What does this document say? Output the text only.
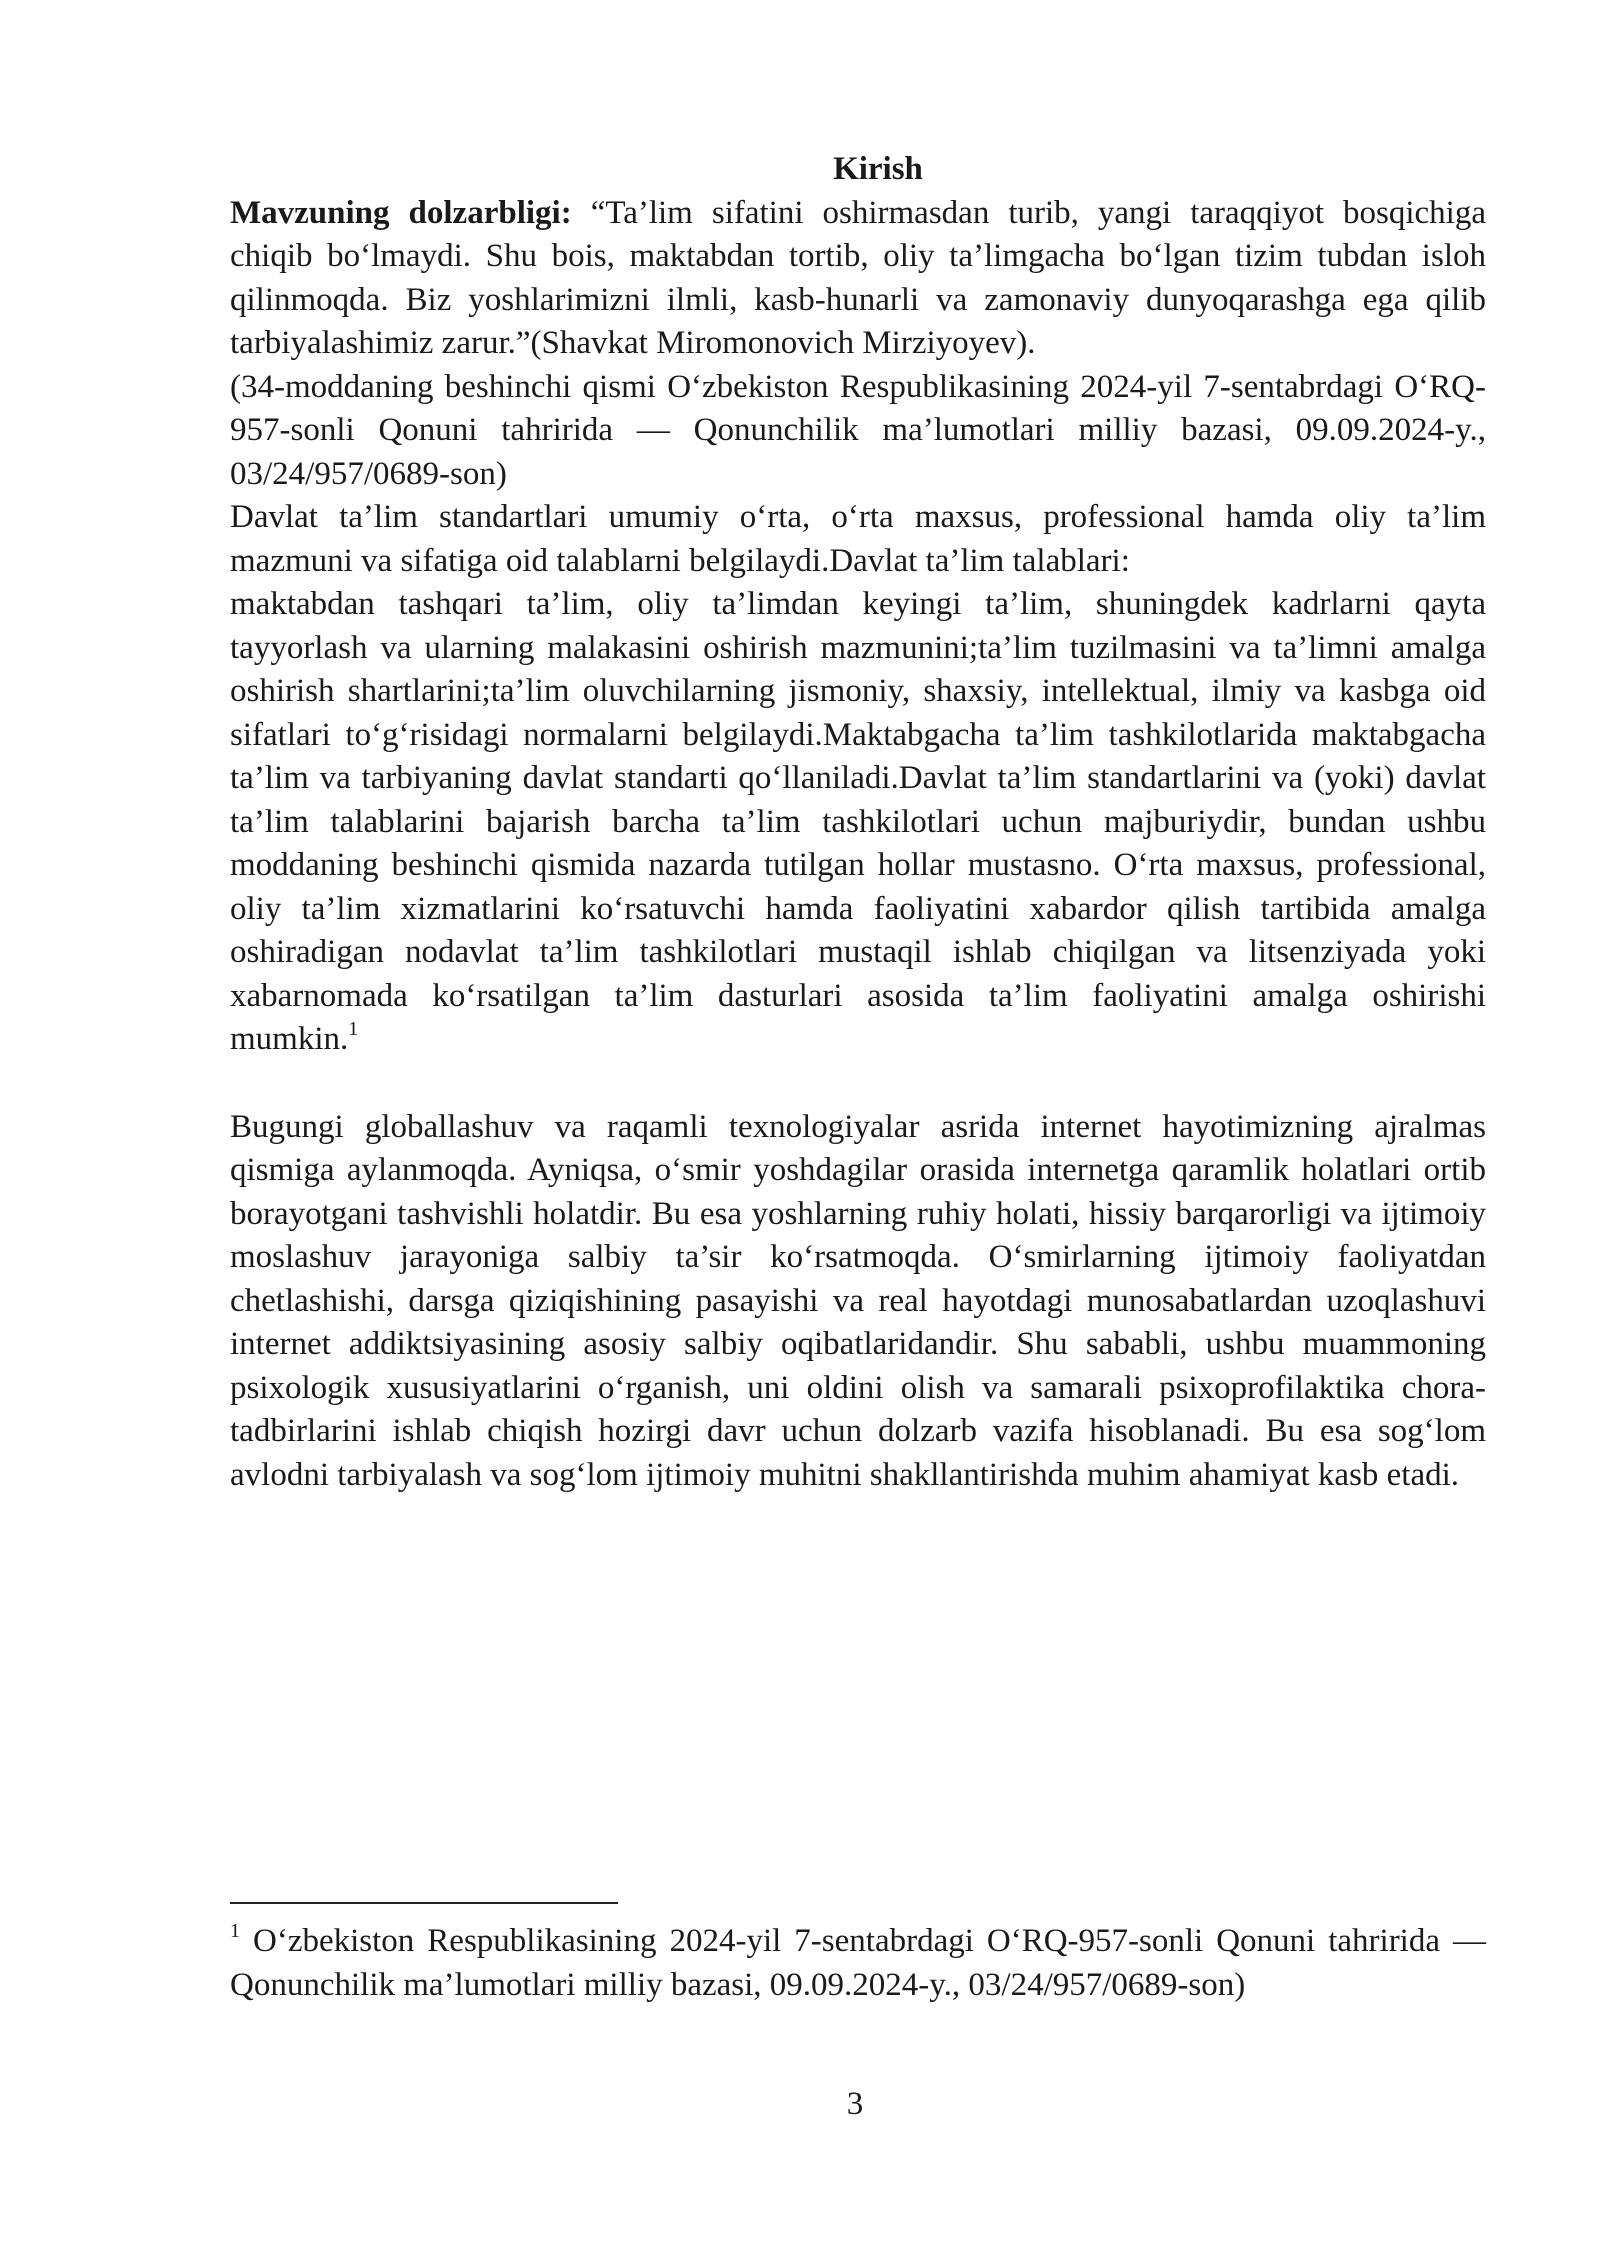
Kirish

Mavzuning dolzarbligi: “Ta’lim sifatini oshirmasdan turib, yangi taraqqiyot bosqichiga chiqib bo‘lmaydi. Shu bois, maktabdan tortib, oliy ta’limgacha bo‘lgan tizim tubdan isloh qilinmoqda. Biz yoshlarimizni ilmli, kasb-hunarli va zamonaviy dunyoqarashga ega qilib tarbiyalashimiz zarur.”(Shavkat Miromonovich Mirziyoyev).

(34-moddaning beshinchi qismi O‘zbekiston Respublikasining 2024-yil 7-sentabrdagi O‘RQ-957-sonli Qonuni tahririda — Qonunchilik ma’lumotlari milliy bazasi, 09.09.2024-y., 03/24/957/0689-son)

Davlat ta’lim standartlari umumiy o‘rta, o‘rta maxsus, professional hamda oliy ta’lim mazmuni va sifatiga oid talablarni belgilaydi.Davlat ta’lim talablari:

maktabdan tashqari ta’lim, oliy ta’limdan keyingi ta’lim, shuningdek kadrlarni qayta tayyorlash va ularning malakasini oshirish mazmunini;ta’lim tuzilmasini va ta’limni amalga oshirish shartlarini;ta’lim oluvchilarning jismoniy, shaxsiy, intellektual, ilmiy va kasbga oid sifatlari to‘g‘risidagi normalarni belgilaydi.Maktabgacha ta’lim tashkilotlarida maktabgacha ta’lim va tarbiyaning davlat standarti qo‘llaniladi.Davlat ta’lim standartlarini va (yoki) davlat ta’lim talablarini bajarish barcha ta’lim tashkilotlari uchun majburiydir, bundan ushbu moddaning beshinchi qismida nazarda tutilgan hollar mustasno. O‘rta maxsus, professional, oliy ta’lim xizmatlarini ko‘rsatuvchi hamda faoliyatini xabardor qilish tartibida amalga oshiradigan nodavlat ta’lim tashkilotlari mustaqil ishlab chiqilgan va litsenziyada yoki xabarnomada ko‘rsatilgan ta’lim dasturlari asosida ta’lim faoliyatini amalga oshirishi mumkin.$^1$

Bugungi globallashuv va raqamli texnologiyalar asrida internet hayotimizning ajralmas qismiga aylanmoqda. Ayniqsa, o‘smir yoshdagilar orasida internetga qaramlik holatlari ortib borayotgani tashvishli holatdir. Bu esa yoshlarning ruhiy holati, hissiy barqarorligi va ijtimoiy moslashuv jarayoniga salbiy ta’sir ko‘rsatmoqda. O‘smirlarning ijtimoiy faoliyatdan chetlashishi, darsga qiziqishining pasayishi va real hayotdagi munosabatlardan uzoqlashuvi internet addiktsiyasining asosiy salbiy oqibatlaridandir. Shu sababli, ushbu muammoning psixologik xususiyatlarini o‘rganish, uni oldini olish va samarali psixoprofilaktika chora-tadbirlarini ishlab chiqish hozirgi davr uchun dolzarb vazifa hisoblanadi. Bu esa sog‘lom avlodni tarbiyalash va sog‘lom ijtimoiy muhitni shakllantirishda muhim ahamiyat kasb etadi.

$^1$ O‘zbekiston Respublikasining 2024-yil 7-sentabrdagi O‘RQ-957-sonli Qonuni tahririda — Qonunchilik ma’lumotlari milliy bazasi, 09.09.2024-y., 03/24/957/0689-son)

3
